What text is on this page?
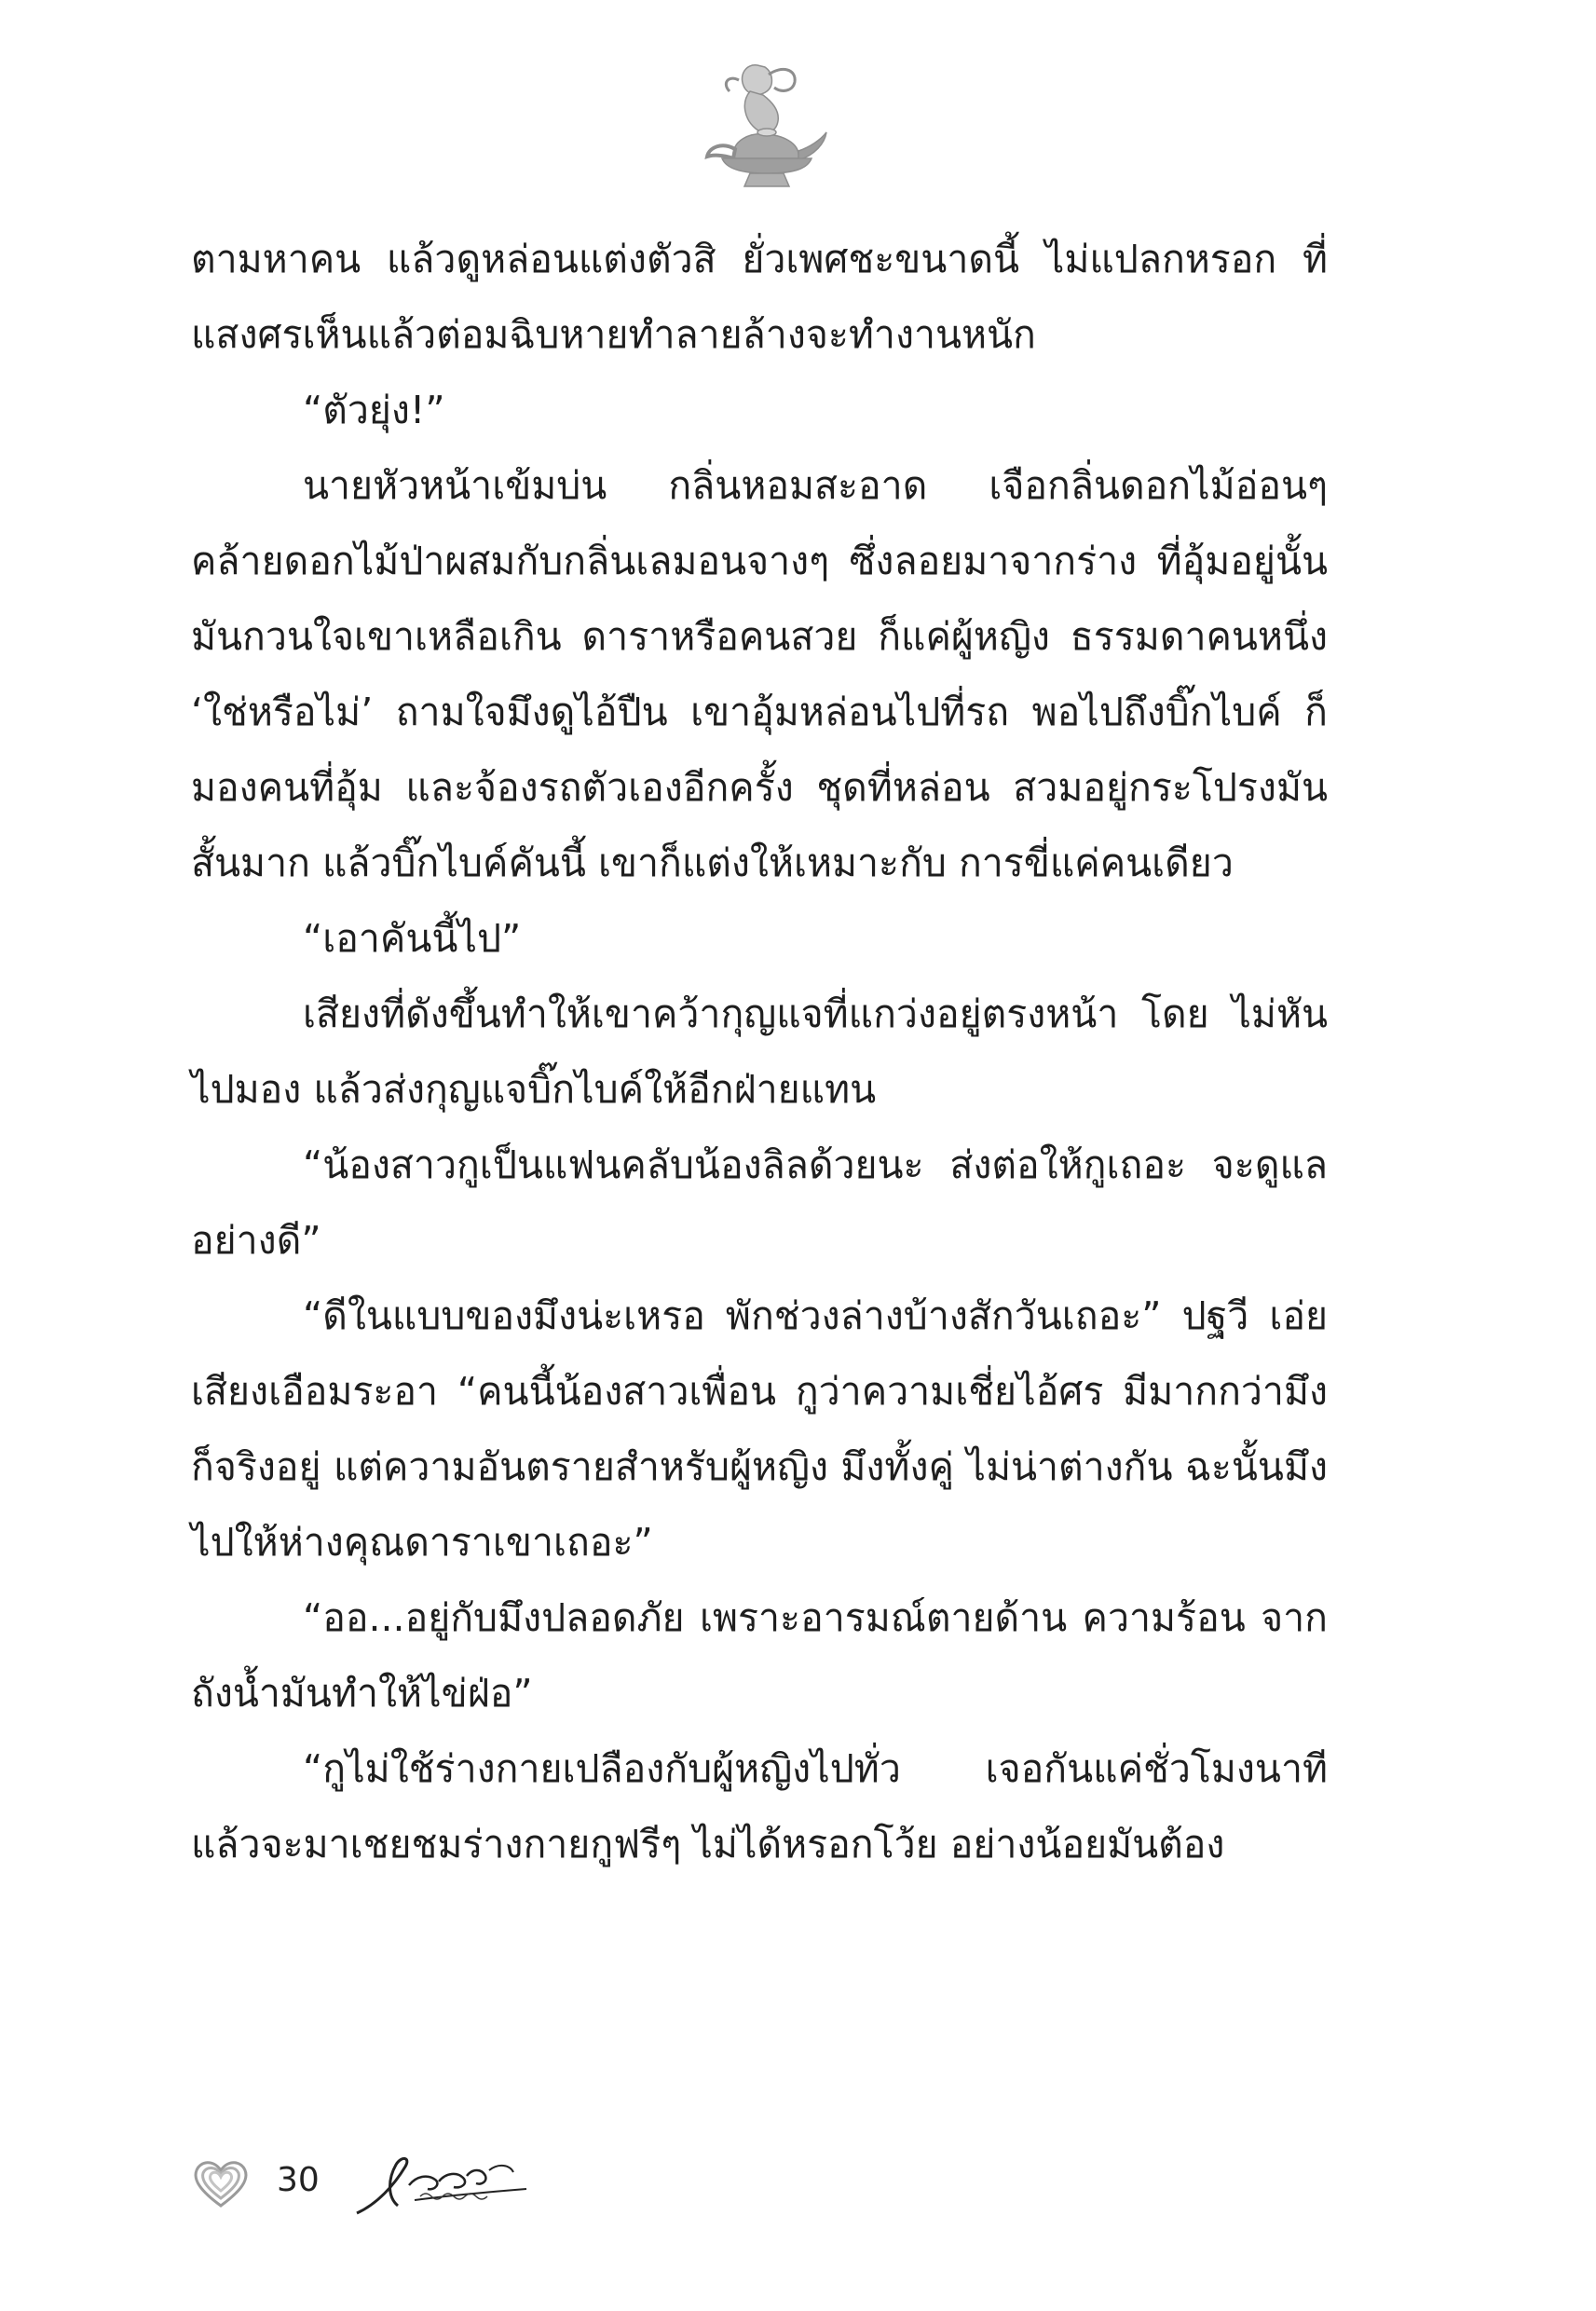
ตามหาคน แล้วดูหล่อนแต่งตัวสิ ยั่วเพศชะขนาดนี้ ไม่แปลกหรอก ที่แสงศรเห็นแล้วต่อมฉิบหายทำลายล้างจะทำงานหนัก

“ตัวยุ่ง!”

นายหัวหน้าเข้มบ่น กลิ่นหอมสะอาด เจือกลิ่นดอกไม้อ่อนๆ คล้ายดอกไม้ป่าผสมกับกลิ่นเลมอนจางๆ ซึ่งลอยมาจากร่าง ที่อุ้มอยู่นั้น มันกวนใจเขาเหลือเกิน ดาราหรือคนสวย ก็แค่ผู้หญิง ธรรมดาคนหนึ่ง ‘ใช่หรือไม่’ ถามใจมึงดูไอ้ปืน เขาอุ้มหล่อนไปที่รถ พอไปถึงบิ๊กไบค์ ก็มองคนที่อุ้ม และจ้องรถตัวเองอีกครั้ง ชุดที่หล่อน สวมอยู่กระโปรงมันสั้นมาก แล้วบิ๊กไบค์คันนี้ เขาก็แต่งให้เหมาะกับ การขี่แค่คนเดียว

“เอาคันนี้ไป”

เสียงที่ดังขึ้นทำให้เขาคว้ากุญแจที่แกว่งอยู่ตรงหน้า โดย ไม่หันไปมอง แล้วส่งกุญแจบิ๊กไบค์ให้อีกฝ่ายแทน

“น้องสาวกูเป็นแฟนคลับน้องลิลด้วยนะ ส่งต่อให้กูเถอะ จะดูแลอย่างดี”

“ดีในแบบของมึงน่ะเหรอ พักช่วงล่างบ้างสักวันเถอะ” ปฐวี เอ่ยเสียงเอือมระอา “คนนี้น้องสาวเพื่อน กูว่าความเชี่ยไอ้ศร มีมากกว่ามึงก็จริงอยู่ แต่ความอันตรายสำหรับผู้หญิง มึงทั้งคู่ ไม่น่าต่างกัน ฉะนั้นมึงไปให้ห่างคุณดาราเขาเถอะ”

“ออ...อยู่กับมึงปลอดภัย เพราะอารมณ์ตายด้าน ความร้อน จากถังน้ำมันทำให้ไข่ฝ่อ”

“กูไม่ใช้ร่างกายเปลืองกับผู้หญิงไปทั่ว เจอกันแค่ชั่วโมงนาที แล้วจะมาเชยชมร่างกายกูฟรีๆ ไม่ได้หรอกโว้ย อย่างน้อยมันต้อง

30
